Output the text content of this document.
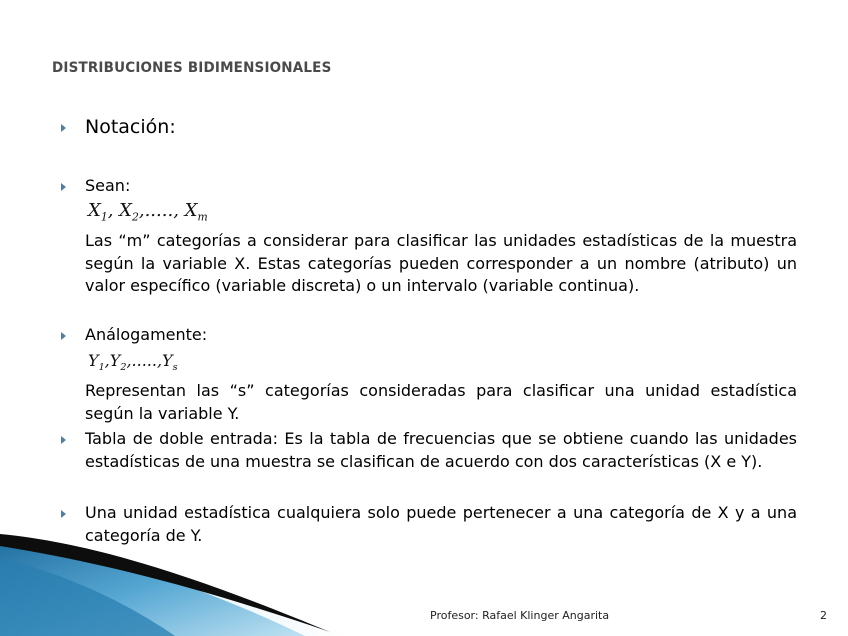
DISTRIBUCIONES BIDIMENSIONALES
Notación:
Sean:
$X_1$, $X_2$,....., $X_m$
Las “m” categorías a considerar para clasificar las unidades estadísticas de la muestra según la variable X. Estas categorías pueden corresponder a un nombre (atributo) un valor específico (variable discreta) o un intervalo (variable continua).
Análogamente:
$Y_1,Y_2,.....,Y_s$
Representan las “s” categorías consideradas para clasificar una unidad estadística según la variable Y.
Tabla de doble entrada: Es la tabla de frecuencias que se obtiene cuando las unidades estadísticas de una muestra se clasifican de acuerdo con dos características (X e Y).
Una unidad estadística cualquiera solo puede pertenecer a una categoría de X y a una categoría de Y.
Profesor: Rafael Klinger Angarita	2
